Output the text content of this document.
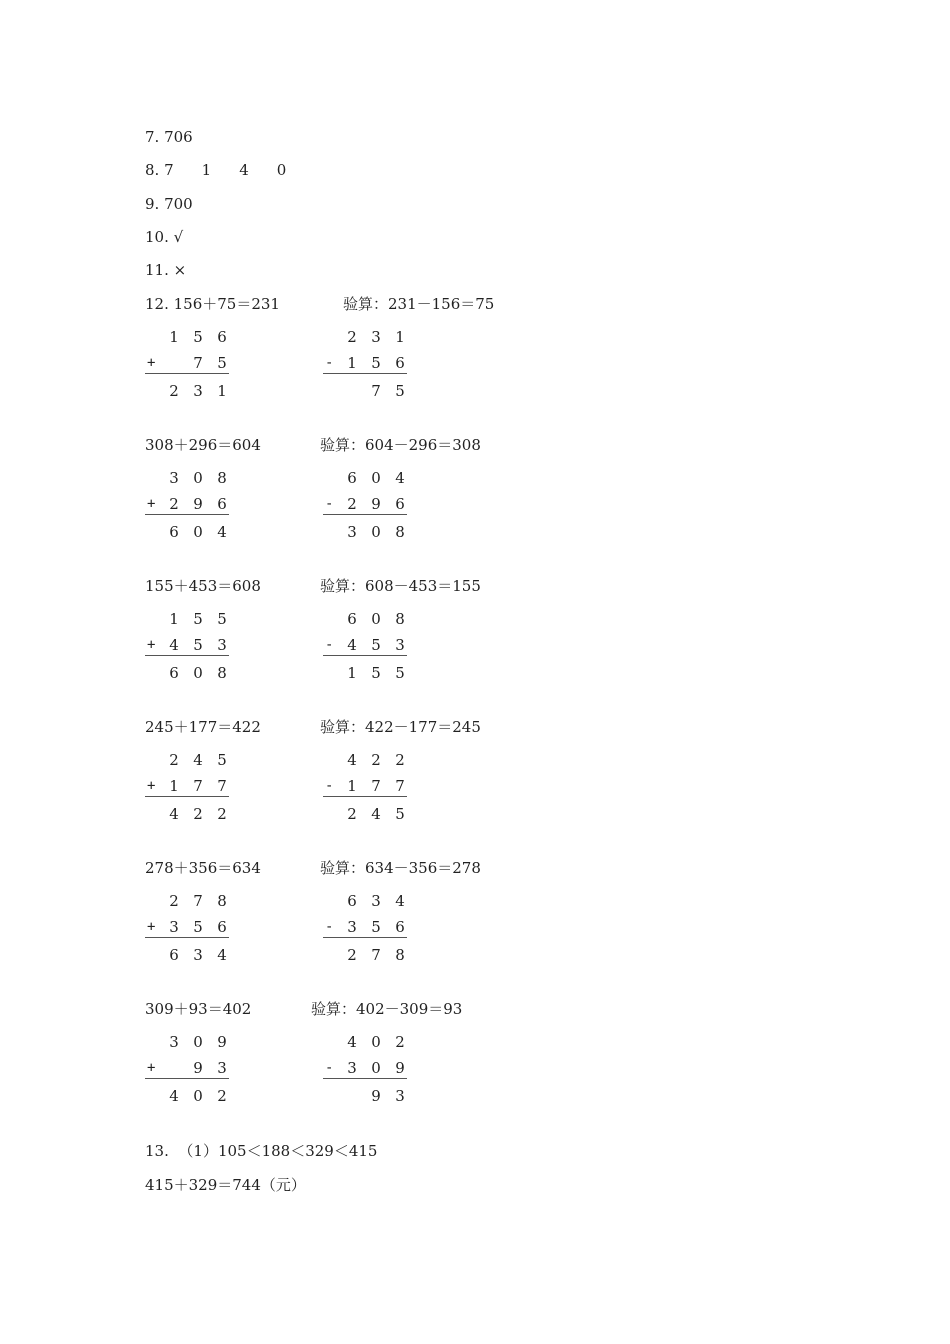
7. 706
8. 7 1 4 0
9. 700
10. √
11. ×
12. 156＋75＝231	验算：231－156＝75
1 5 6
+	7 5
2 3 1
2 3 1
- 1 5 6
7 5
308＋296＝604	验算：604－296＝308
3 0 8
+ 2 9 6
6 0 4
6 0 4
- 2 9 6
3 0 8
155＋453＝608	验算：608－453＝155
1 5 5
+ 4 5 3
6 0 8
6 0 8
- 4 5 3
1 5 5
245＋177＝422	验算：422－177＝245
2 4 5
+ 1 7 7
4 2 2
4 2 2
- 1 7 7
2 4 5
278＋356＝634	验算：634－356＝278
2 7 8
+ 3 5 6
6 3 4
6 3 4
- 3 5 6
2 7 8
309＋93＝402	验算：402－309＝93
3 0 9
+	9 3
4 0 2
4 0 2
- 3 0 9
9 3
13. （1）105＜188＜329＜415
415＋329＝744（元）
